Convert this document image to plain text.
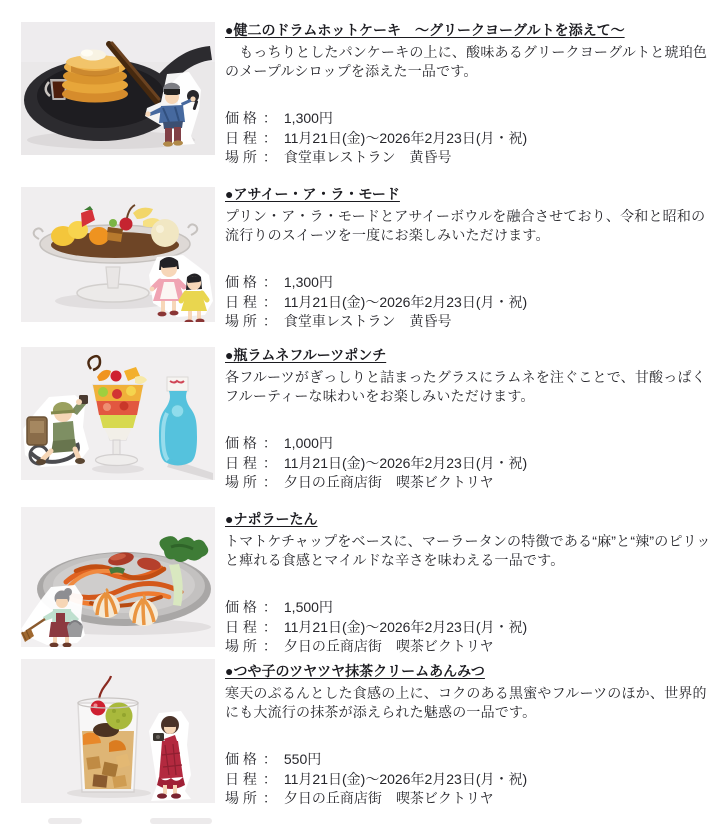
●健二のドラムホットケーキ　～グリークヨーグルトを添えて～
　もっちりとしたパンケーキの上に、酸味あるグリークヨーグルトと琥珀色のメープルシロップを添えた一品です。
価 格 ： 1,300円
日 程 ： 11月21日(金)～2026年2月23日(月・祝)
場 所 ： 食堂車レストラン　黄昏号
●アサイー・ア・ラ・モード
プリン・ア・ラ・モードとアサイーボウルを融合させており、令和と昭和の流行りのスイーツを一度にお楽しみいただけます。
価 格 ： 1,300円
日 程 ： 11月21日(金)～2026年2月23日(月・祝)
場 所 ： 食堂車レストラン　黄昏号
●瓶ラムネフルーツポンチ
各フルーツがぎっしりと詰まったグラスにラムネを注ぐことで、甘酸っぱくフルーティーな味わいをお楽しみいただけます。
価 格 ： 1,000円
日 程 ： 11月21日(金)～2026年2月23日(月・祝)
場 所 ： 夕日の丘商店街　喫茶ビクトリヤ
●ナポラーたん
トマトケチャップをベースに、マーラータンの特徴である“麻”と“辣”のピリッと痺れる食感とマイルドな辛さを味わえる一品です。
価 格 ： 1,500円
日 程 ： 11月21日(金)～2026年2月23日(月・祝)
場 所 ： 夕日の丘商店街　喫茶ビクトリヤ
●つや子のツヤツヤ抹茶クリームあんみつ
寒天のぷるんとした食感の上に、コクのある黒蜜やフルーツのほか、世界的にも大流行の抹茶が添えられた魅惑の一品です。
価 格 ： 550円
日 程 ： 11月21日(金)～2026年2月23日(月・祝)
場 所 ： 夕日の丘商店街　喫茶ビクトリヤ
